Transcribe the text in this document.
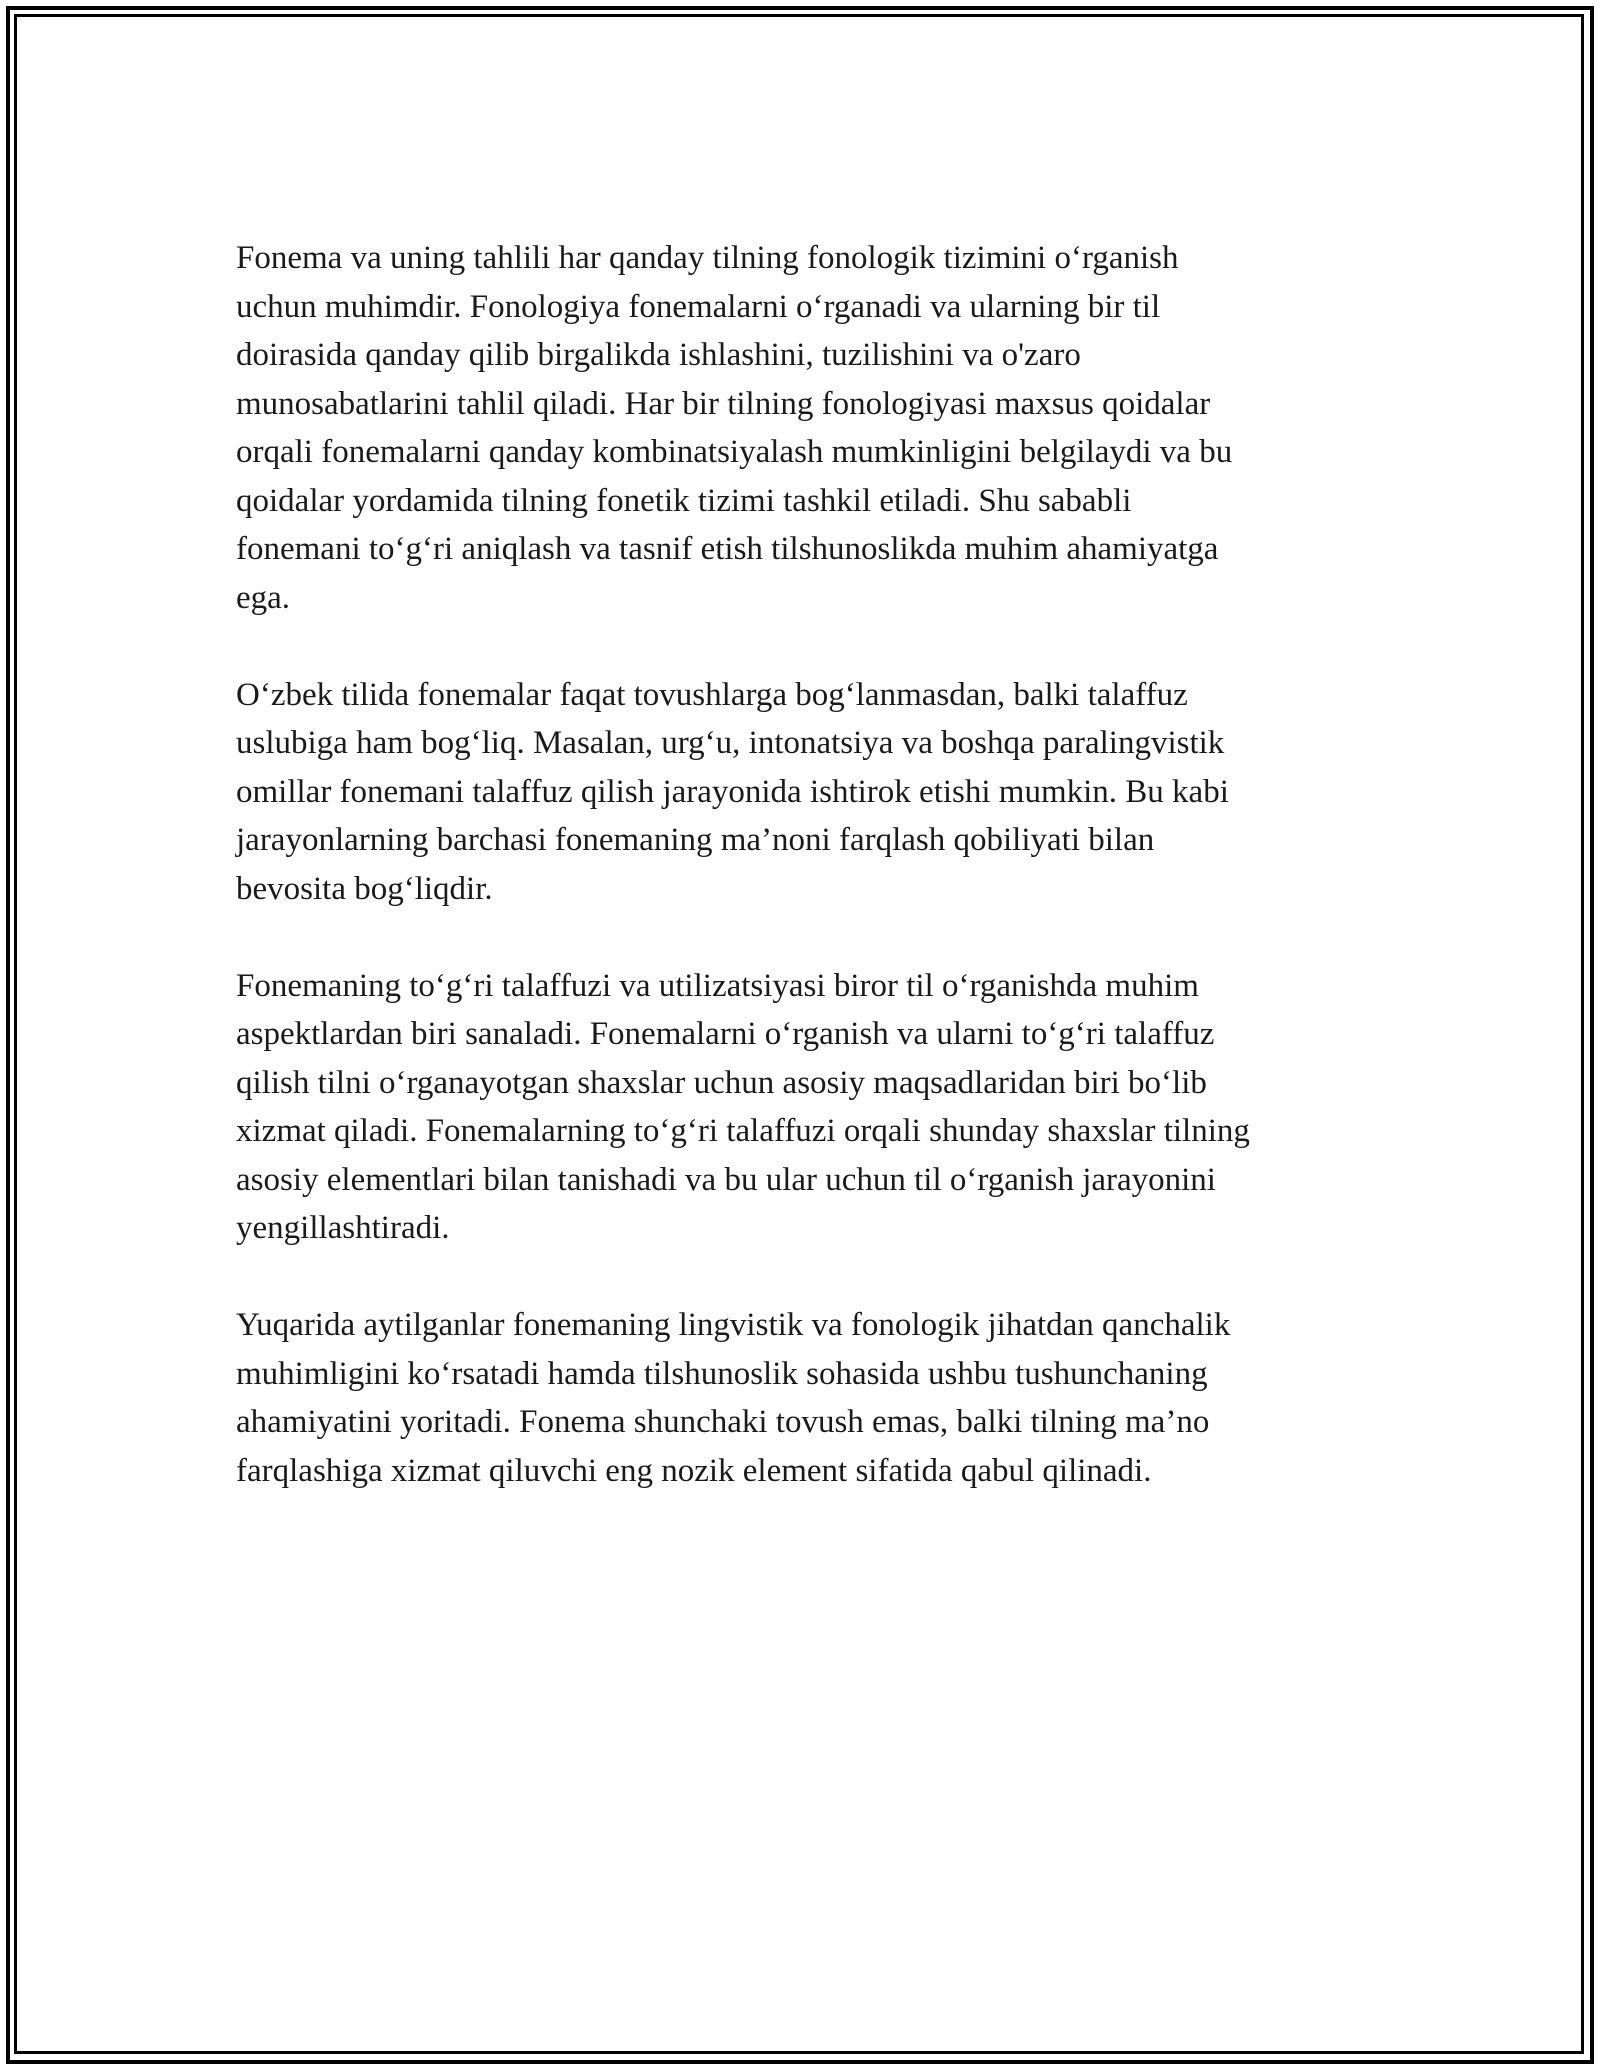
Fonema va uning tahlili har qanday tilning fonologik tizimini o‘rganish
uchun muhimdir. Fonologiya fonemalarni o‘rganadi va ularning bir til
doirasida qanday qilib birgalikda ishlashini, tuzilishini va o'zaro
munosabatlarini tahlil qiladi. Har bir tilning fonologiyasi maxsus qoidalar
orqali fonemalarni qanday kombinatsiyalash mumkinligini belgilaydi va bu
qoidalar yordamida tilning fonetik tizimi tashkil etiladi. Shu sababli
fonemani to‘g‘ri aniqlash va tasnif etish tilshunoslikda muhim ahamiyatga
ega.

O‘zbek tilida fonemalar faqat tovushlarga bog‘lanmasdan, balki talaffuz
uslubiga ham bog‘liq. Masalan, urg‘u, intonatsiya va boshqa paralingvistik
omillar fonemani talaffuz qilish jarayonida ishtirok etishi mumkin. Bu kabi
jarayonlarning barchasi fonemaning ma’noni farqlash qobiliyati bilan
bevosita bog‘liqdir.

Fonemaning to‘g‘ri talaffuzi va utilizatsiyasi biror til o‘rganishda muhim
aspektlardan biri sanaladi. Fonemalarni o‘rganish va ularni to‘g‘ri talaffuz
qilish tilni o‘rganayotgan shaxslar uchun asosiy maqsadlaridan biri bo‘lib
xizmat qiladi. Fonemalarning to‘g‘ri talaffuzi orqali shunday shaxslar tilning
asosiy elementlari bilan tanishadi va bu ular uchun til o‘rganish jarayonini
yengillashtiradi.

Yuqarida aytilganlar fonemaning lingvistik va fonologik jihatdan qanchalik
muhimligini ko‘rsatadi hamda tilshunoslik sohasida ushbu tushunchaning
ahamiyatini yoritadi. Fonema shunchaki tovush emas, balki tilning ma’no
farqlashiga xizmat qiluvchi eng nozik element sifatida qabul qilinadi.
